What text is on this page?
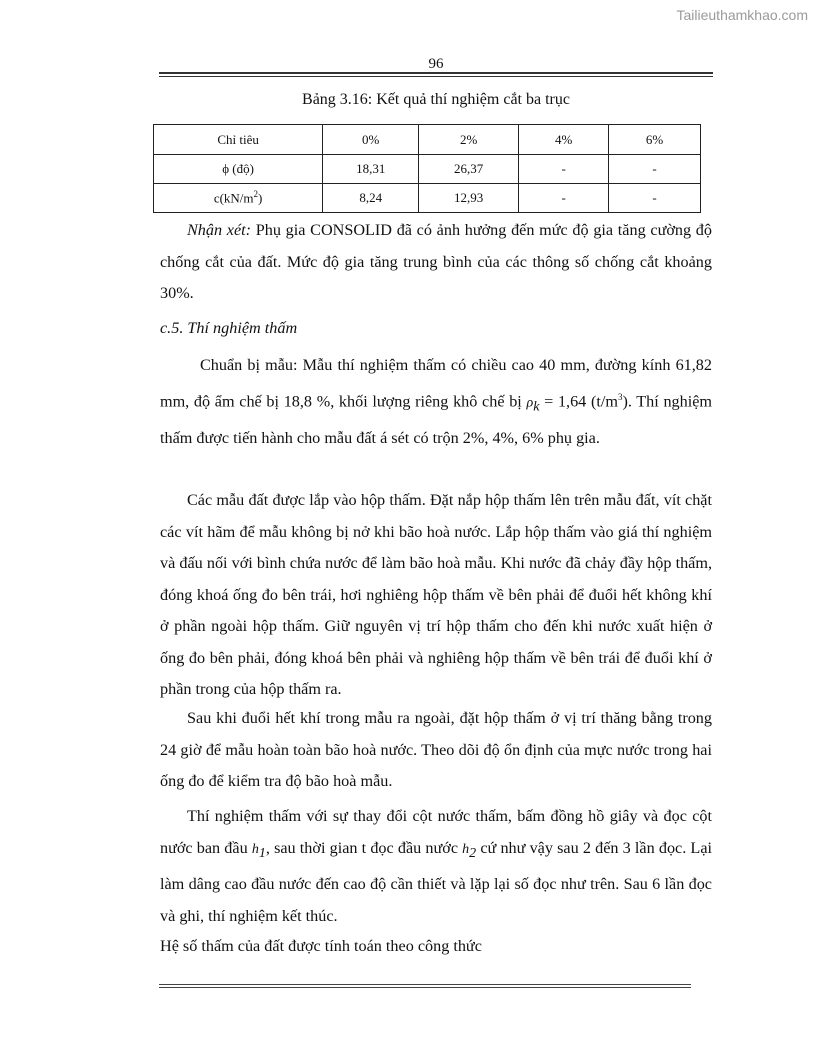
Tailieuthamkhao.com
96
Bảng 3.16: Kết quả thí nghiệm cắt ba trục
Chỉ tiêu	0%	2%	4%	6%
ϕ (độ)	18,31	26,37	-	-
$c(kN/m^2)$	8,24	12,93	-	-
Nhận xét: Phụ gia CONSOLID đã có ảnh hưởng đến mức độ gia tăng cường độ chống cắt của đất. Mức độ gia tăng trung bình của các thông số chống cắt khoảng 30%.
c.5. Thí nghiệm thấm
Chuẩn bị mẫu: Mẫu thí nghiệm thấm có chiều cao 40 mm, đường kính 61,82 mm, độ ẩm chế bị 18,8 %, khối lượng riêng khô chế bị $\rho_k = 1,64$ $(t/m^3)$. Thí nghiệm thấm được tiến hành cho mẫu đất á sét có trộn 2%, 4%, 6% phụ gia.
Các mẫu đất được lắp vào hộp thấm. Đặt nắp hộp thấm lên trên mẫu đất, vít chặt các vít hãm để mẫu không bị nở khi bão hoà nước. Lắp hộp thấm vào giá thí nghiệm và đấu nối với bình chứa nước để làm bão hoà mẫu. Khi nước đã chảy đầy hộp thấm, đóng khoá ống đo bên trái, hơi nghiêng hộp thấm về bên phải để đuổi hết không khí ở phần ngoài hộp thấm. Giữ nguyên vị trí hộp thấm cho đến khi nước xuất hiện ở ống đo bên phải, đóng khoá bên phải và nghiêng hộp thấm về bên trái để đuổi khí ở phần trong của hộp thấm ra.
Sau khi đuổi hết khí trong mẫu ra ngoài, đặt hộp thấm ở vị trí thăng bằng trong 24 giờ để mẫu hoàn toàn bão hoà nước. Theo dõi độ ổn định của mực nước trong hai ống đo để kiểm tra độ bão hoà mẫu.
Thí nghiệm thấm với sự thay đổi cột nước thấm, bấm đồng hồ giây và đọc cột nước ban đầu $h_1$, sau thời gian t đọc đầu nước $h_2$ cứ như vậy sau 2 đến 3 lần đọc. Lại làm dâng cao đầu nước đến cao độ cần thiết và lặp lại số đọc như trên. Sau 6 lần đọc và ghi, thí nghiệm kết thúc.
Hệ số thấm của đất được tính toán theo công thức
